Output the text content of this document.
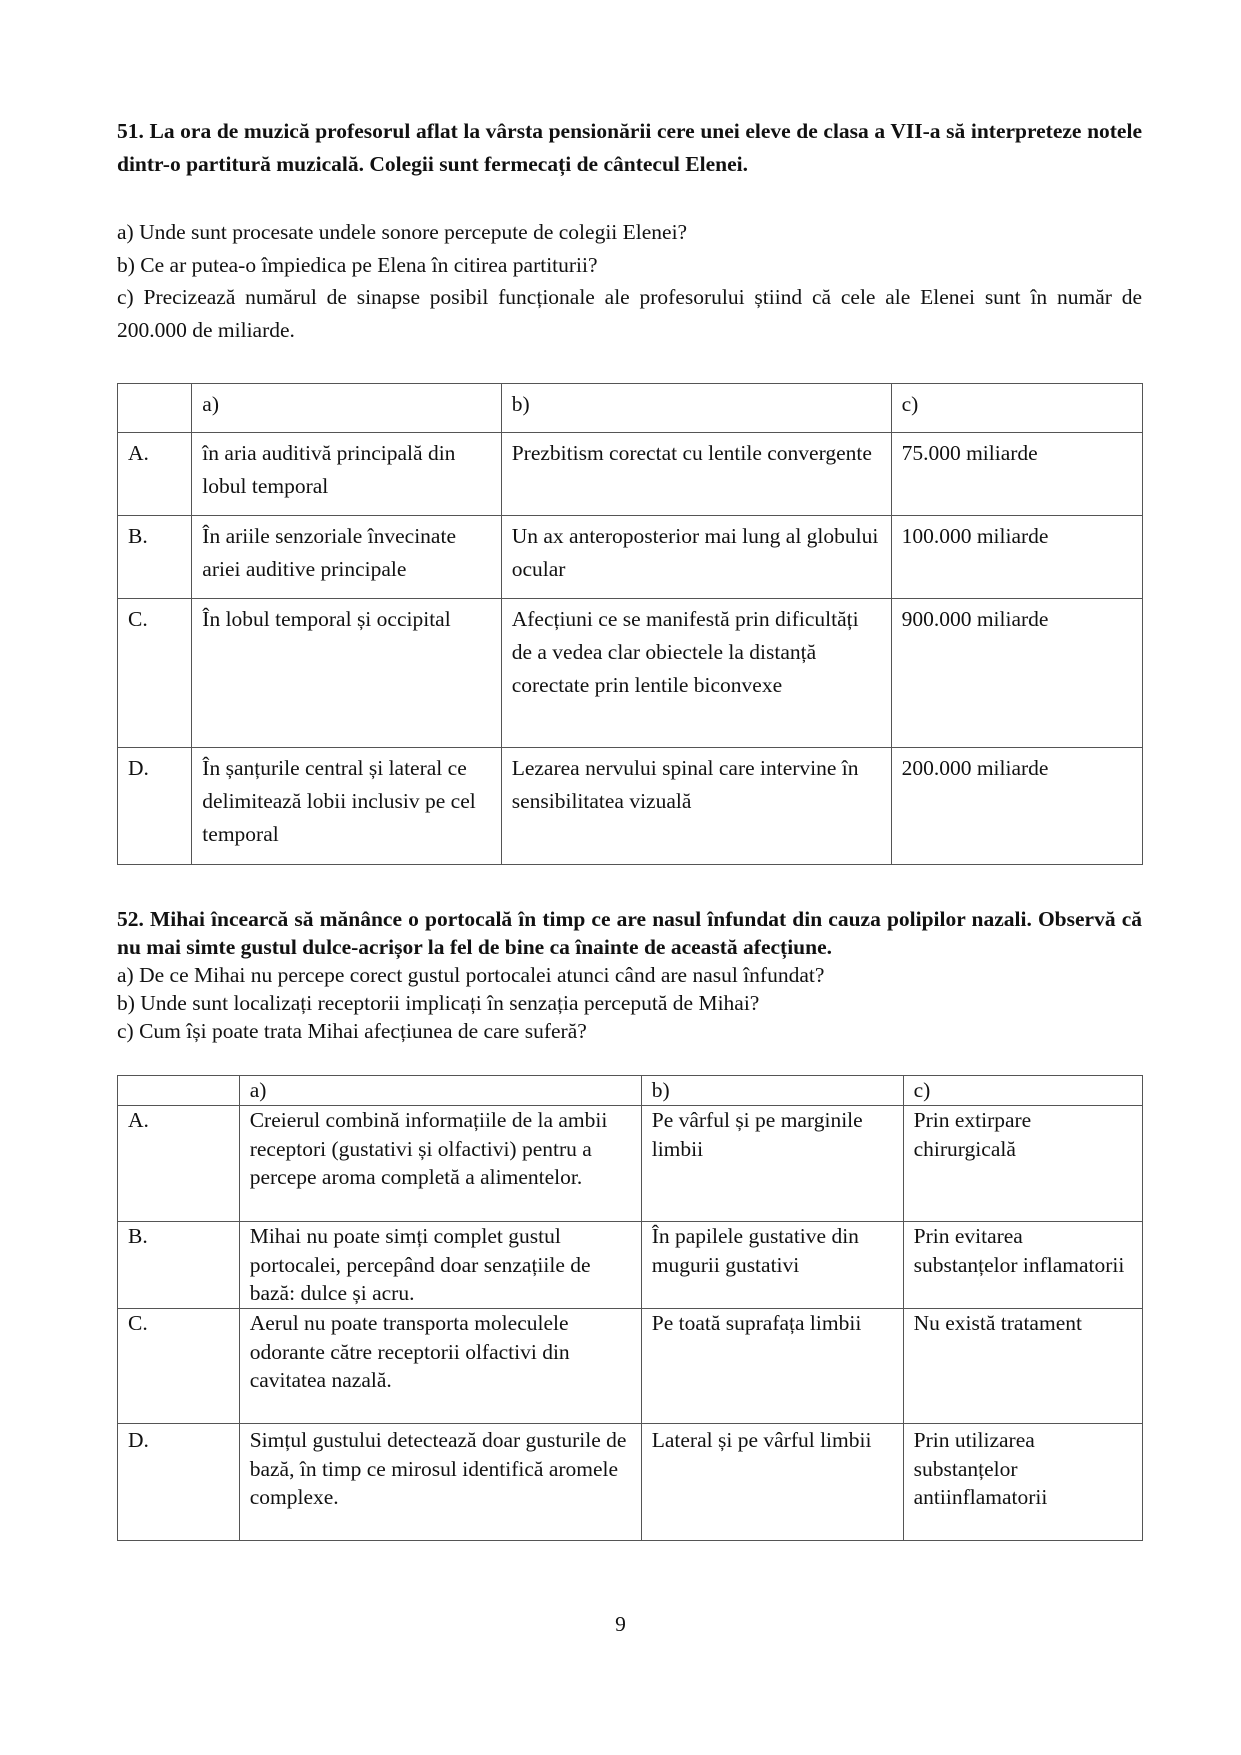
51. La ora de muzică profesorul aflat la vârsta pensionării cere unei eleve de clasa a VII-a să interpreteze notele dintr-o partitură muzicală. Colegii sunt fermecați de cântecul Elenei.
a) Unde sunt procesate undele sonore percepute de colegii Elenei?
b) Ce ar putea-o împiedica pe Elena în citirea partiturii?
c) Precizează numărul de sinapse posibil funcționale ale profesorului știind că cele ale Elenei sunt în număr de 200.000 de miliarde.
	a)	b)	c)
A.	în aria auditivă principală din lobul temporal	Prezbitism corectat cu lentile convergente	75.000 miliarde
B.	În ariile senzoriale învecinate ariei auditive principale	Un ax anteroposterior mai lung al globului ocular	100.000 miliarde
C.	În lobul temporal și occipital	Afecțiuni ce se manifestă prin dificultăți de a vedea clar obiectele la distanță corectate prin lentile biconvexe	900.000 miliarde
D.	În șanțurile central și lateral ce delimitează lobii inclusiv pe cel temporal	Lezarea nervului spinal care intervine în sensibilitatea vizuală	200.000 miliarde
52. Mihai încearcă să mănânce o portocală în timp ce are nasul înfundat din cauza polipilor nazali. Observă că nu mai simte gustul dulce-acrișor la fel de bine ca înainte de această afecțiune.
a) De ce Mihai nu percepe corect gustul portocalei atunci când are nasul înfundat?
b) Unde sunt localizați receptorii implicați în senzația percepută de Mihai?
c) Cum își poate trata Mihai afecțiunea de care suferă?
	a)	b)	c)
A.	Creierul combină informațiile de la ambii receptori (gustativi și olfactivi) pentru a percepe aroma completă a alimentelor.	Pe vârful și pe marginile limbii	Prin extirpare chirurgicală
B.	Mihai nu poate simți complet gustul portocalei, percepând doar senzațiile de bază: dulce și acru.	În papilele gustative din mugurii gustativi	Prin evitarea substanțelor inflamatorii
C.	Aerul nu poate transporta moleculele odorante către receptorii olfactivi din cavitatea nazală.	Pe toată suprafața limbii	Nu există tratament
D.	Simțul gustului detectează doar gusturile de bază, în timp ce mirosul identifică aromele complexe.	Lateral și pe vârful limbii	Prin utilizarea substanțelor antiinflamatorii
9
